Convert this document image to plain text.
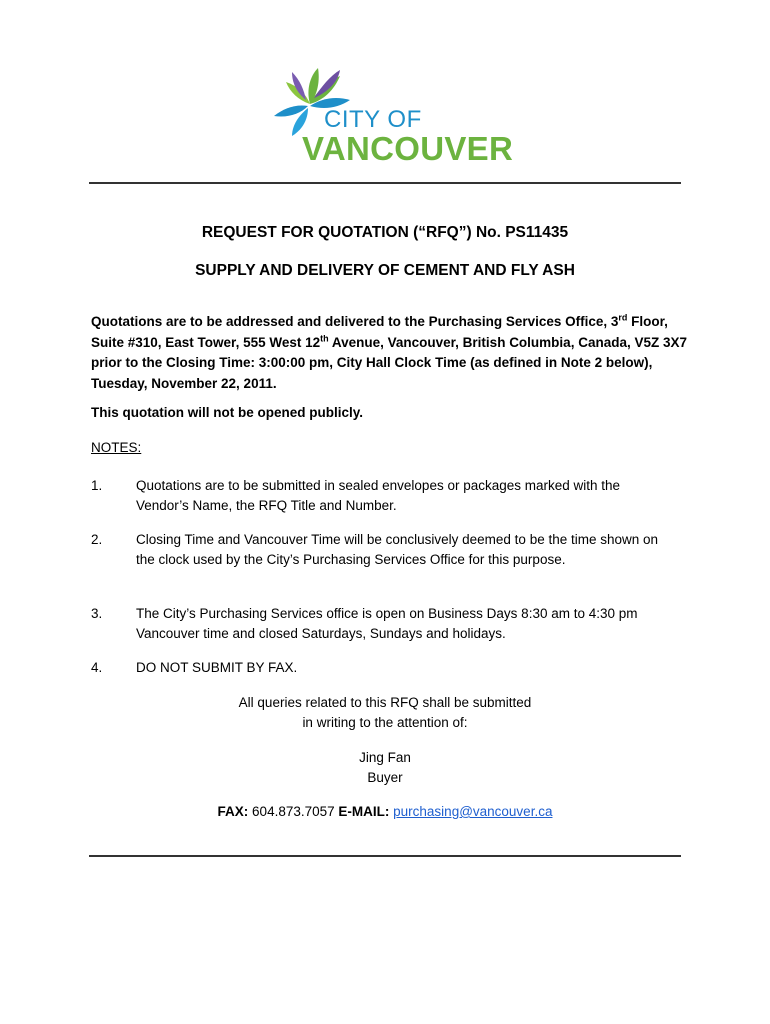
CITY OF
VANCOUVER
REQUEST FOR QUOTATION (“RFQ”) No. PS11435
SUPPLY AND DELIVERY OF CEMENT AND FLY ASH
Quotations are to be addressed and delivered to the Purchasing Services Office, 3rd Floor, Suite #310, East Tower, 555 West 12th Avenue, Vancouver, British Columbia, Canada, V5Z 3X7 prior to the Closing Time: 3:00:00 pm, City Hall Clock Time (as defined in Note 2 below), Tuesday, November 22, 2011.
This quotation will not be opened publicly.
NOTES:
1. Quotations are to be submitted in sealed envelopes or packages marked with the Vendor’s Name, the RFQ Title and Number.
2. Closing Time and Vancouver Time will be conclusively deemed to be the time shown on the clock used by the City’s Purchasing Services Office for this purpose.
3. The City’s Purchasing Services office is open on Business Days 8:30 am to 4:30 pm Vancouver time and closed Saturdays, Sundays and holidays.
4. DO NOT SUBMIT BY FAX.
All queries related to this RFQ shall be submitted
in writing to the attention of:
Jing Fan
Buyer
FAX: 604.873.7057 E-MAIL: purchasing@vancouver.ca
